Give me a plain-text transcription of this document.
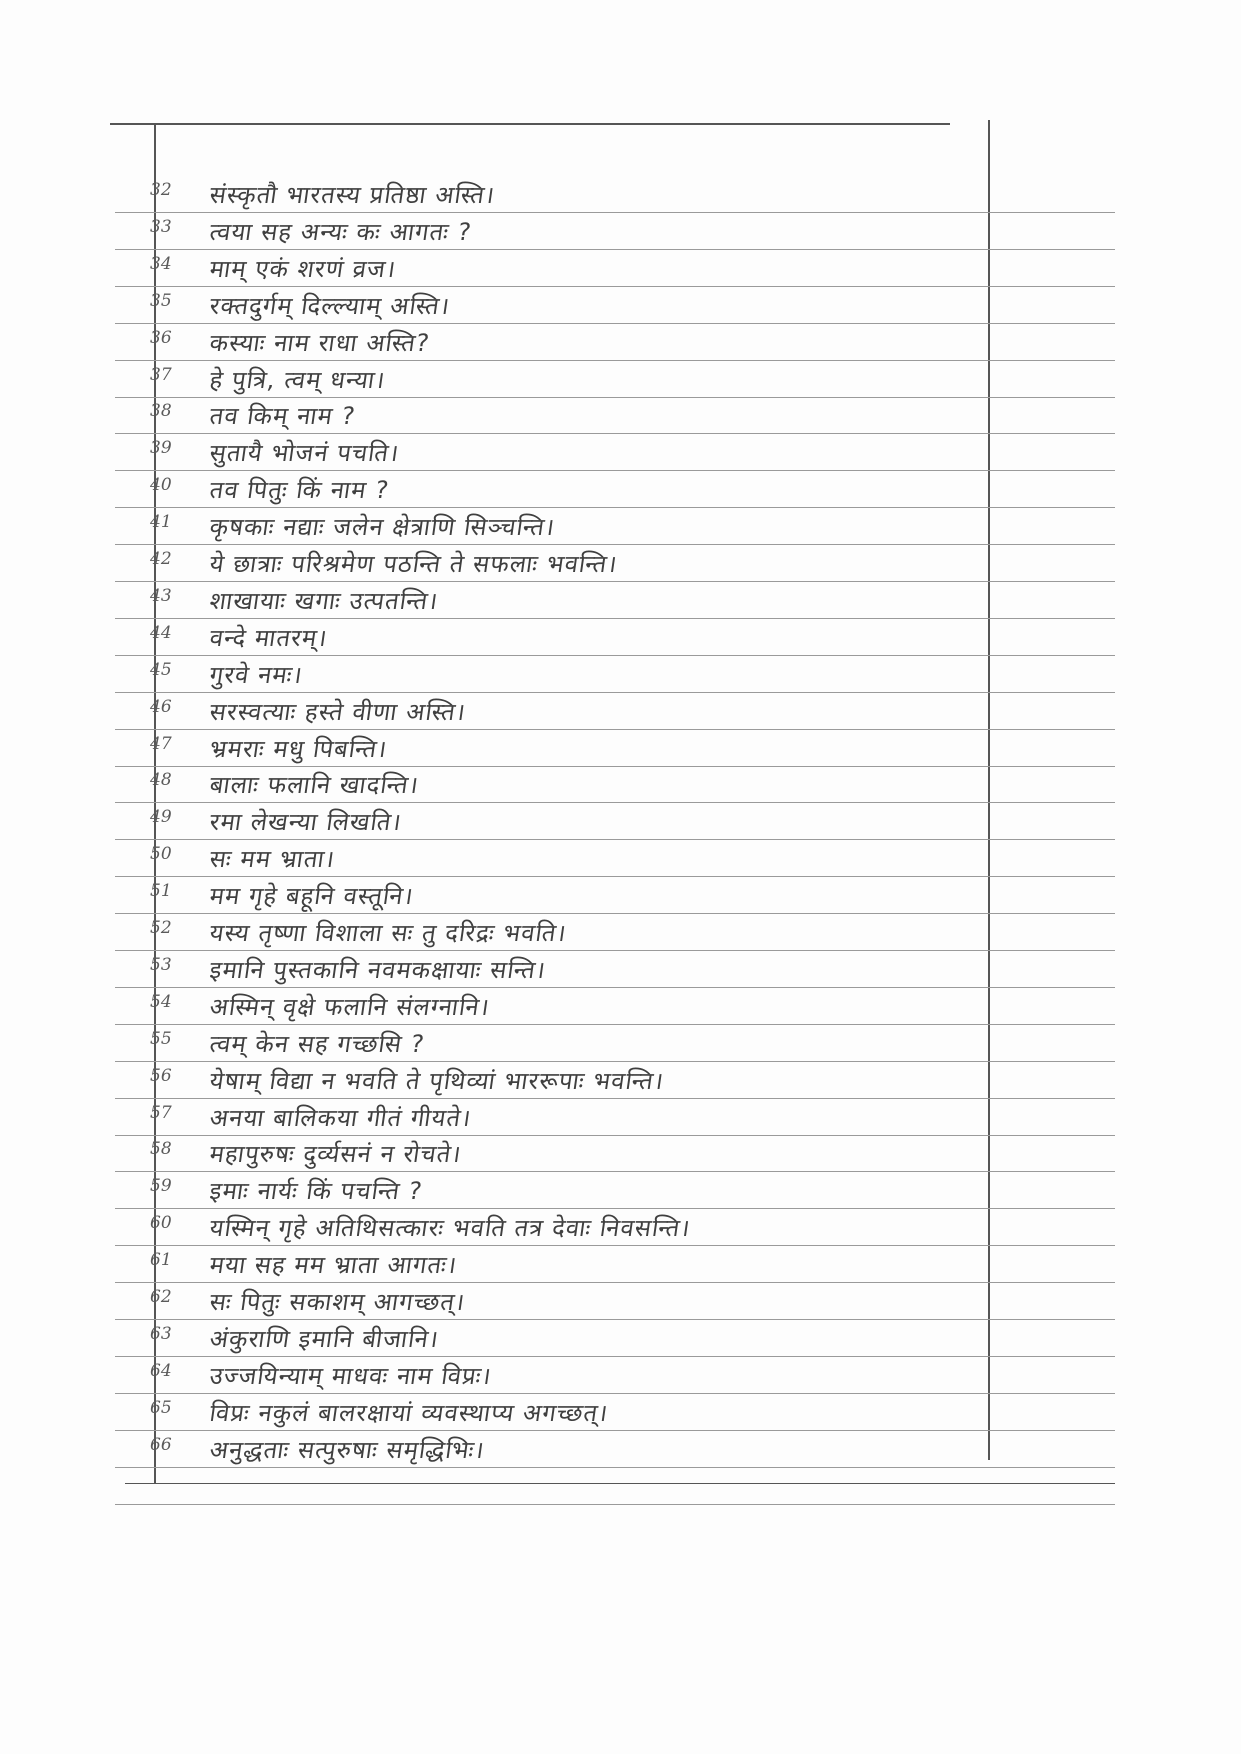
32	संस्कृतौ भारतस्य प्रतिष्ठा अस्ति।
33	त्वया सह अन्यः कः आगतः ?
34	माम् एकं शरणं व्रज।
35	रक्तदुर्गम् दिल्ल्याम् अस्ति।
36	कस्याः नाम राधा अस्ति?
37	हे पुत्रि, त्वम् धन्या।
38	तव किम् नाम ?
39	सुतायै भोजनं पचति।
40	तव पितुः किं नाम ?
41	कृषकाः नद्याः जलेन क्षेत्राणि सिञ्चन्ति।
42	ये छात्राः परिश्रमेण पठन्ति ते सफलाः भवन्ति।
43	शाखायाः खगाः उत्पतन्ति।
44	वन्दे मातरम्।
45	गुरवे नमः।
46	सरस्वत्याः हस्ते वीणा अस्ति।
47	भ्रमराः मधु पिबन्ति।
48	बालाः फलानि खादन्ति।
49	रमा लेखन्या लिखति।
50	सः मम भ्राता।
51	मम गृहे बहूनि वस्तूनि।
52	यस्य तृष्णा विशाला सः तु दरिद्रः भवति।
53	इमानि पुस्तकानि नवमकक्षायाः सन्ति।
54	अस्मिन् वृक्षे फलानि संलग्नानि।
55	त्वम् केन सह गच्छसि ?
56	येषाम् विद्या न भवति ते पृथिव्यां भाररूपाः भवन्ति।
57	अनया बालिकया गीतं गीयते।
58	महापुरुषः दुर्व्यसनं न रोचते।
59	इमाः नार्यः किं पचन्ति ?
60	यस्मिन् गृहे अतिथिसत्कारः भवति तत्र देवाः निवसन्ति।
61	मया सह मम भ्राता आगतः।
62	सः पितुः सकाशम् आगच्छत्।
63	अंकुराणि इमानि बीजानि।
64	उज्जयिन्याम् माधवः नाम विप्रः।
65	विप्रः नकुलं बालरक्षायां व्यवस्थाप्य अगच्छत्।
66	अनुद्धताः सत्पुरुषाः समृद्धिभिः।
